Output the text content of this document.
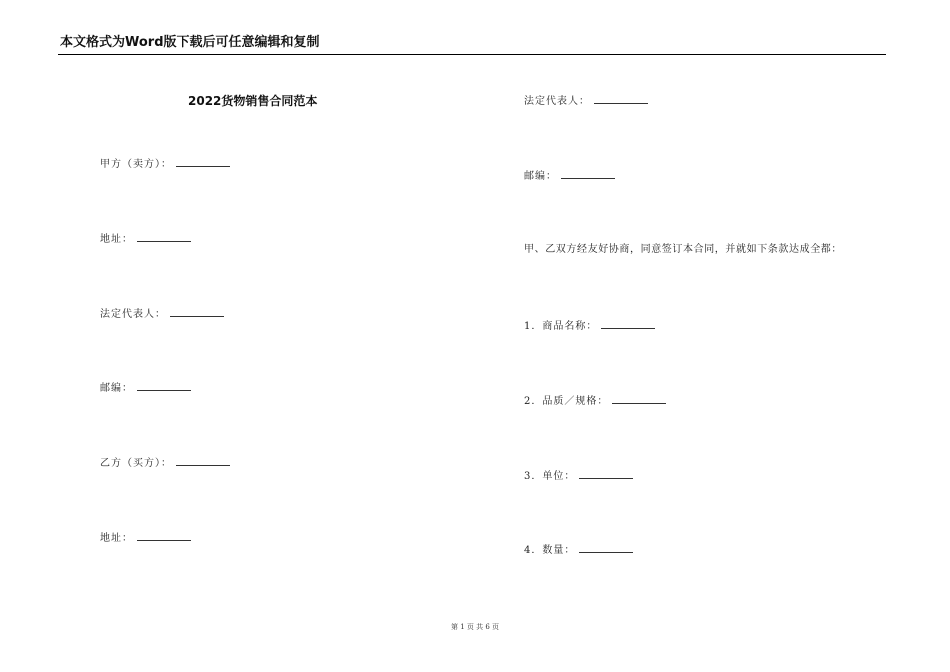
本文格式为Word版下载后可任意编辑和复制
2022货物销售合同范本
甲方（卖方）：
地址：
法定代表人：
邮编：
乙方（买方）：
地址：
法定代表人：
邮编：
甲、乙双方经友好协商，同意签订本合同，并就如下条款达成全都：
1．商品名称：
2．品质／规格：
3．单位：
4．数量：
第 1 页 共 6 页
